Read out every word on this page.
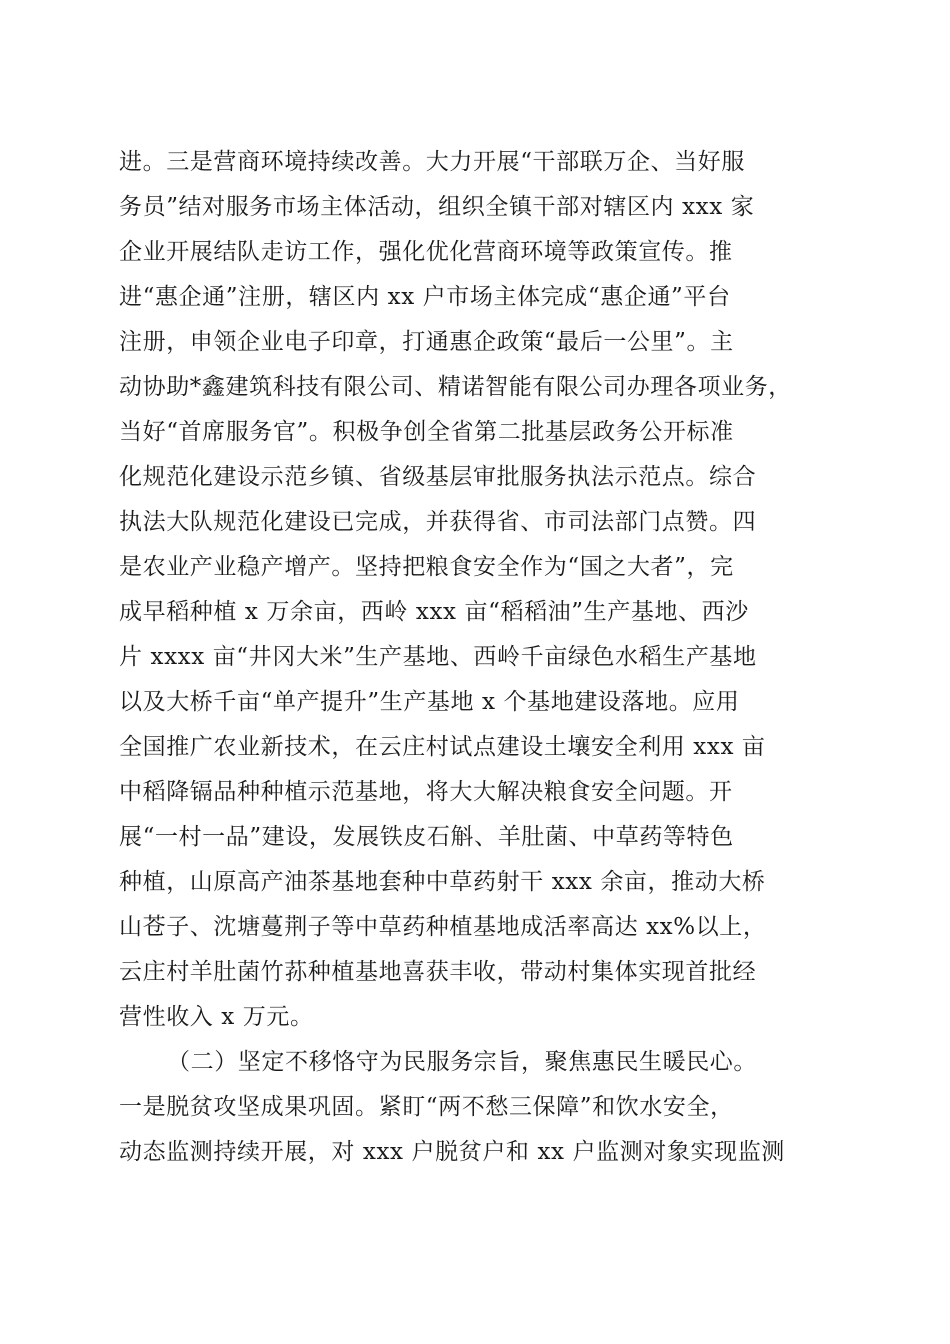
进。三是营商环境持续改善。大力开展“干部联万企、当好服
务员”结对服务市场主体活动，组织全镇干部对辖区内 xxx 家
企业开展结队走访工作，强化优化营商环境等政策宣传。推
进“惠企通”注册，辖区内 xx 户市场主体完成“惠企通”平台
注册，申领企业电子印章，打通惠企政策“最后一公里”。主
动协助*鑫建筑科技有限公司、精诺智能有限公司办理各项业务，
当好“首席服务官”。积极争创全省第二批基层政务公开标准
化规范化建设示范乡镇、省级基层审批服务执法示范点。综合
执法大队规范化建设已完成，并获得省、市司法部门点赞。四
是农业产业稳产增产。坚持把粮食安全作为“国之大者”，完
成早稻种植 x 万余亩，西岭 xxx 亩“稻稻油”生产基地、西沙
片 xxxx 亩“井冈大米”生产基地、西岭千亩绿色水稻生产基地
以及大桥千亩“单产提升”生产基地 x 个基地建设落地。应用
全国推广农业新技术，在云庄村试点建设土壤安全利用 xxx 亩
中稻降镉品种种植示范基地，将大大解决粮食安全问题。开
展“一村一品”建设，发展铁皮石斛、羊肚菌、中草药等特色
种植，山原高产油茶基地套种中草药射干 xxx 余亩，推动大桥
山苍子、沈塘蔓荆子等中草药种植基地成活率高达 xx%以上，
云庄村羊肚菌竹荪种植基地喜获丰收，带动村集体实现首批经
营性收入 x 万元。
（二）坚定不移恪守为民服务宗旨，聚焦惠民生暖民心。
一是脱贫攻坚成果巩固。紧盯“两不愁三保障”和饮水安全，
动态监测持续开展，对 xxx 户脱贫户和 xx 户监测对象实现监测
